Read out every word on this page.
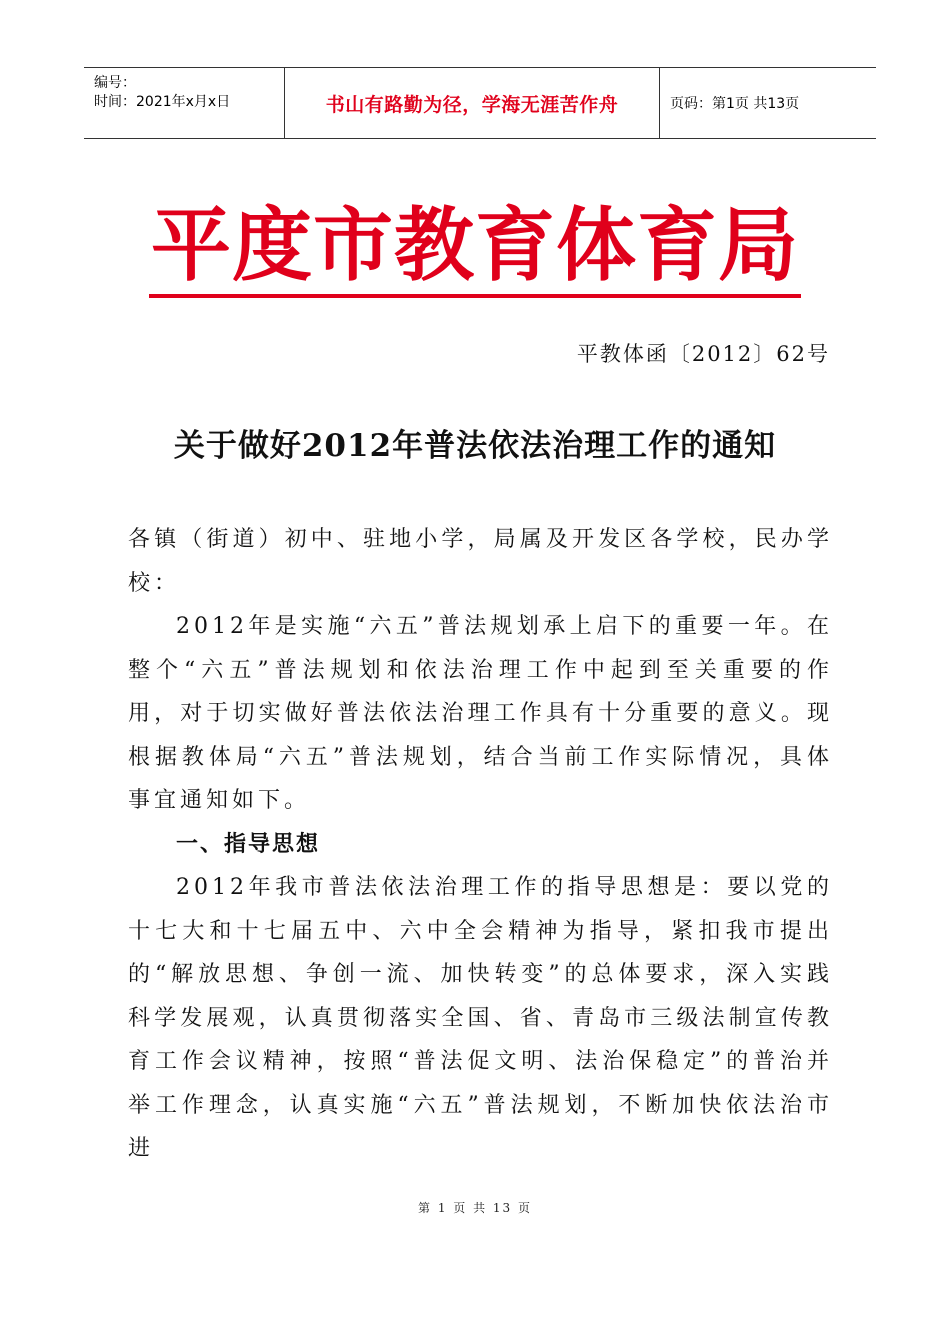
编号：
时间：2021年x月x日	书山有路勤为径，学海无涯苦作舟	页码：第1页 共13页
平度市教育体育局
平教体函〔2012〕62号
关于做好2012年普法依法治理工作的通知

各镇（街道）初中、驻地小学，局属及开发区各学校，民办学校：

2012年是实施“六五”普法规划承上启下的重要一年。在整个“六五”普法规划和依法治理工作中起到至关重要的作用，对于切实做好普法依法治理工作具有十分重要的意义。现根据教体局“六五”普法规划，结合当前工作实际情况，具体事宜通知如下。

一、指导思想

2012年我市普法依法治理工作的指导思想是：要以党的十七大和十七届五中、六中全会精神为指导，紧扣我市提出的“解放思想、争创一流、加快转变”的总体要求，深入实践科学发展观，认真贯彻落实全国、省、青岛市三级法制宣传教育工作会议精神，按照“普法促文明、法治保稳定”的普治并举工作理念，认真实施“六五”普法规划，不断加快依法治市进

第 1 页 共 13 页
